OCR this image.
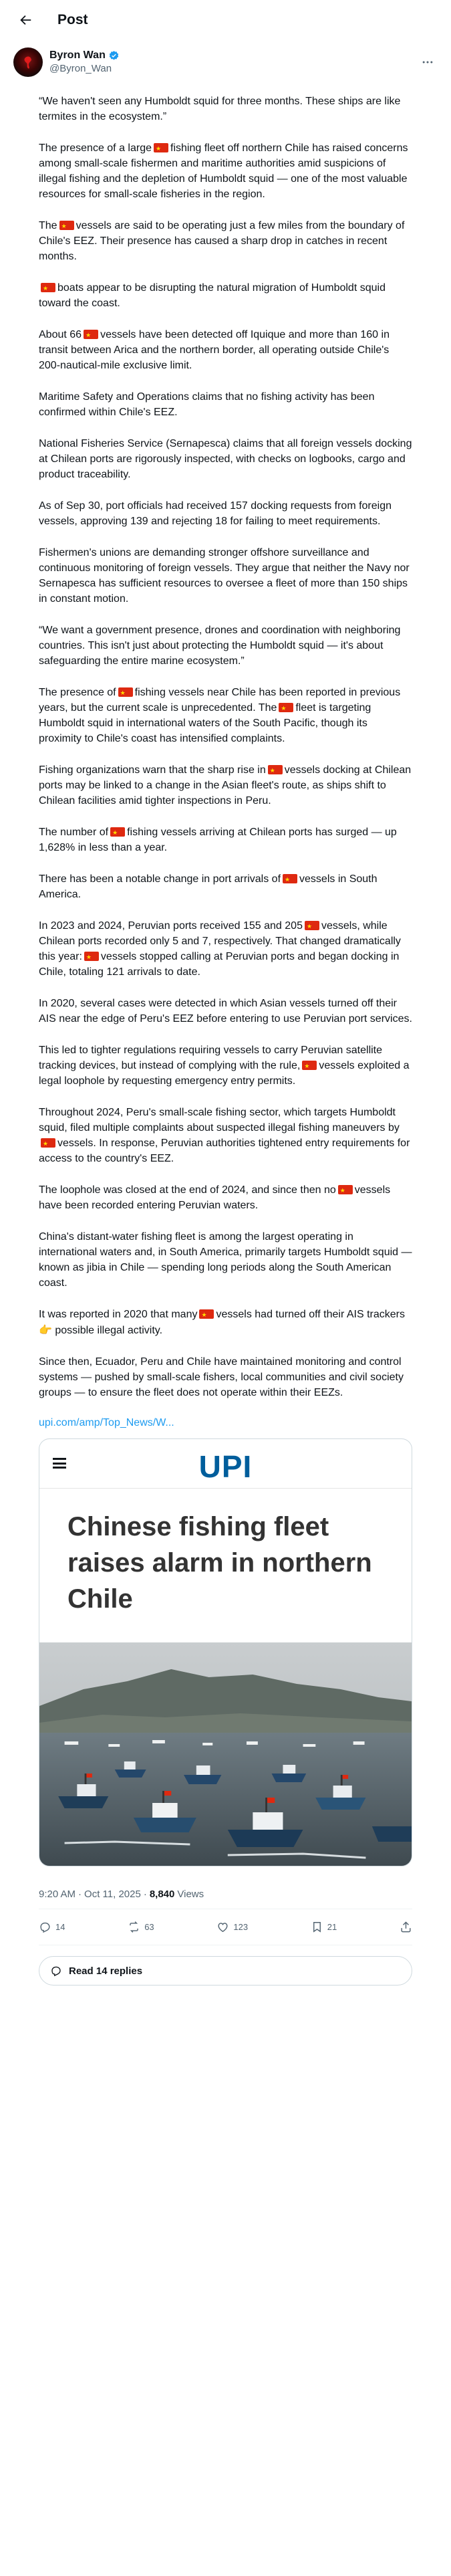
Post
Byron Wan
@Byron_Wan

“We haven't seen any Humboldt squid for three months. These ships are like termites in the ecosystem.”

The presence of a large ★ fishing fleet off northern Chile has raised concerns among small-scale fishermen and maritime authorities amid suspicions of illegal fishing and the depletion of Humboldt squid — one of the most valuable resources for small-scale fisheries in the region.

The ★ vessels are said to be operating just a few miles from the boundary of Chile's EEZ. Their presence has caused a sharp drop in catches in recent months.

★boats appear to be disrupting the natural migration of Humboldt squid toward the coast.

About 66 ★ vessels have been detected off Iquique and more than 160 in transit between Arica and the northern border, all operating outside Chile's 200-nautical-mile exclusive limit.

Maritime Safety and Operations claims that no fishing activity has been confirmed within Chile's EEZ.

National Fisheries Service (Sernapesca) claims that all foreign vessels docking at Chilean ports are rigorously inspected, with checks on logbooks, cargo and product traceability.

As of Sep 30, port officials had received 157 docking requests from foreign vessels, approving 139 and rejecting 18 for failing to meet requirements.

Fishermen's unions are demanding stronger offshore surveillance and continuous monitoring of foreign vessels. They argue that neither the Navy nor Sernapesca has sufficient resources to oversee a fleet of more than 150 ships in constant motion.

“We want a government presence, drones and coordination with neighboring countries. This isn't just about protecting the Humboldt squid — it's about safeguarding the entire marine ecosystem.”

The presence of ★ fishing vessels near Chile has been reported in previous years, but the current scale is unprecedented. The ★ fleet is targeting Humboldt squid in international waters of the South Pacific, though its proximity to Chile's coast has intensified complaints.

Fishing organizations warn that the sharp rise in ★ vessels docking at Chilean ports may be linked to a change in the Asian fleet's route, as ships shift to Chilean facilities amid tighter inspections in Peru.

The number of ★ fishing vessels arriving at Chilean ports has surged — up 1,628% in less than a year.

There has been a notable change in port arrivals of ★ vessels in South America.

In 2023 and 2024, Peruvian ports received 155 and 205 ★ vessels, while Chilean ports recorded only 5 and 7, respectively. That changed dramatically this year: ★ vessels stopped calling at Peruvian ports and began docking in Chile, totaling 121 arrivals to date.

In 2020, several cases were detected in which Asian vessels turned off their AIS near the edge of Peru's EEZ before entering to use Peruvian port services.

This led to tighter regulations requiring vessels to carry Peruvian satellite tracking devices, but instead of complying with the rule, ★ vessels exploited a legal loophole by requesting emergency entry permits.

Throughout 2024, Peru's small-scale fishing sector, which targets Humboldt squid, filed multiple complaints about suspected illegal fishing maneuvers by★vessels. In response, Peruvian authorities tightened entry requirements for access to the country's EEZ.

The loophole was closed at the end of 2024, and since then no ★ vessels have been recorded entering Peruvian waters.

China's distant-water fishing fleet is among the largest operating in international waters and, in South America, primarily targets Humboldt squid — known as jibia in Chile — spending long periods along the South American coast.

It was reported in 2020 that many ★ vessels had turned off their AIS trackers 👉 possible illegal activity.

Since then, Ecuador, Peru and Chile have maintained monitoring and control systems — pushed by small-scale fishers, local communities and civil society groups — to ensure the fleet does not operate within their EEZs.

upi.com/amp/Top_News/W...
UPI
Chinese fishing fleet raises alarm in northern Chile
9:20 AM · Oct 11, 2025 · 8,840 Views
14	63	123	21
Read 14 replies
